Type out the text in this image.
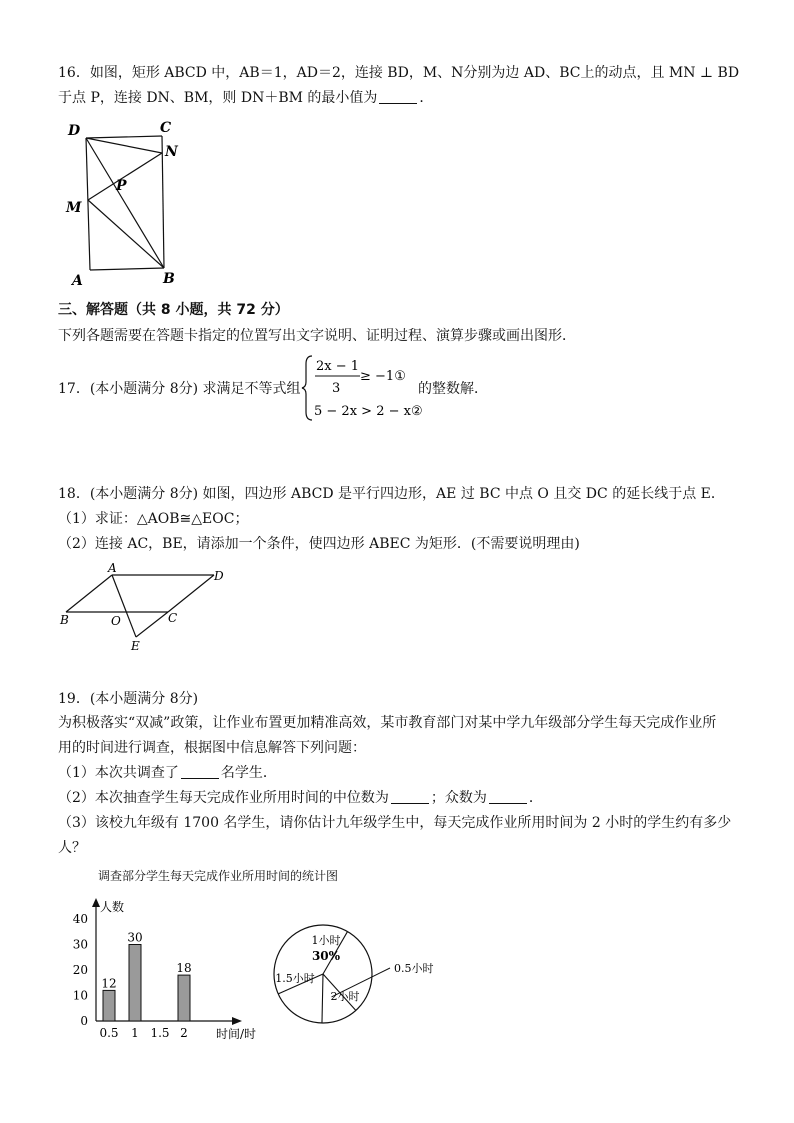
16．如图，矩形 ABCD 中，AB＝1，AD＝2，连接 BD，M、N分别为边 AD、BC上的动点，且 MN ⊥ BD
于点 P，连接 DN、BM，则 DN＋BM 的最小值为	．
D	C
N
P
M
A	B
三、解答题（共 8 小题，共 72 分）
下列各题需要在答题卡指定的位置写出文字说明、证明过程、演算步骤或画出图形．
17．(本小题满分 8分) 求满足不等式组
2x − 1
3
≥ −1①
5 − 2x > 2 − x②
的整数解．
18．(本小题满分 8分) 如图，四边形 ABCD 是平行四边形，AE 过 BC 中点 O 且交 DC 的延长线于点 E．
（1）求证：△AOB≅△EOC；
（2）连接 AC，BE，请添加一个条件，使四边形 ABEC 为矩形．(不需要说明理由)
A
D
B	O	C
E
19．(本小题满分 8分)
为积极落实“双减”政策，让作业布置更加精准高效，某市教育部门对某中学九年级部分学生每天完成作业所
用的时间进行调查，根据图中信息解答下列问题：
（1）本次共调查了	名学生．
（2）本次抽查学生每天完成作业所用时间的中位数为	；众数为	．
（3）该校九年级有 1700 名学生，请你估计九年级学生中，每天完成作业所用时间为 2 小时的学生约有多少
人？
调查部分学生每天完成作业所用时间的统计图
人数
时间/时
0
10
20
30
40
0.5
12
1
30
1.5 2
18
1小时
0.5小时
2小时
1.5小时
30%
